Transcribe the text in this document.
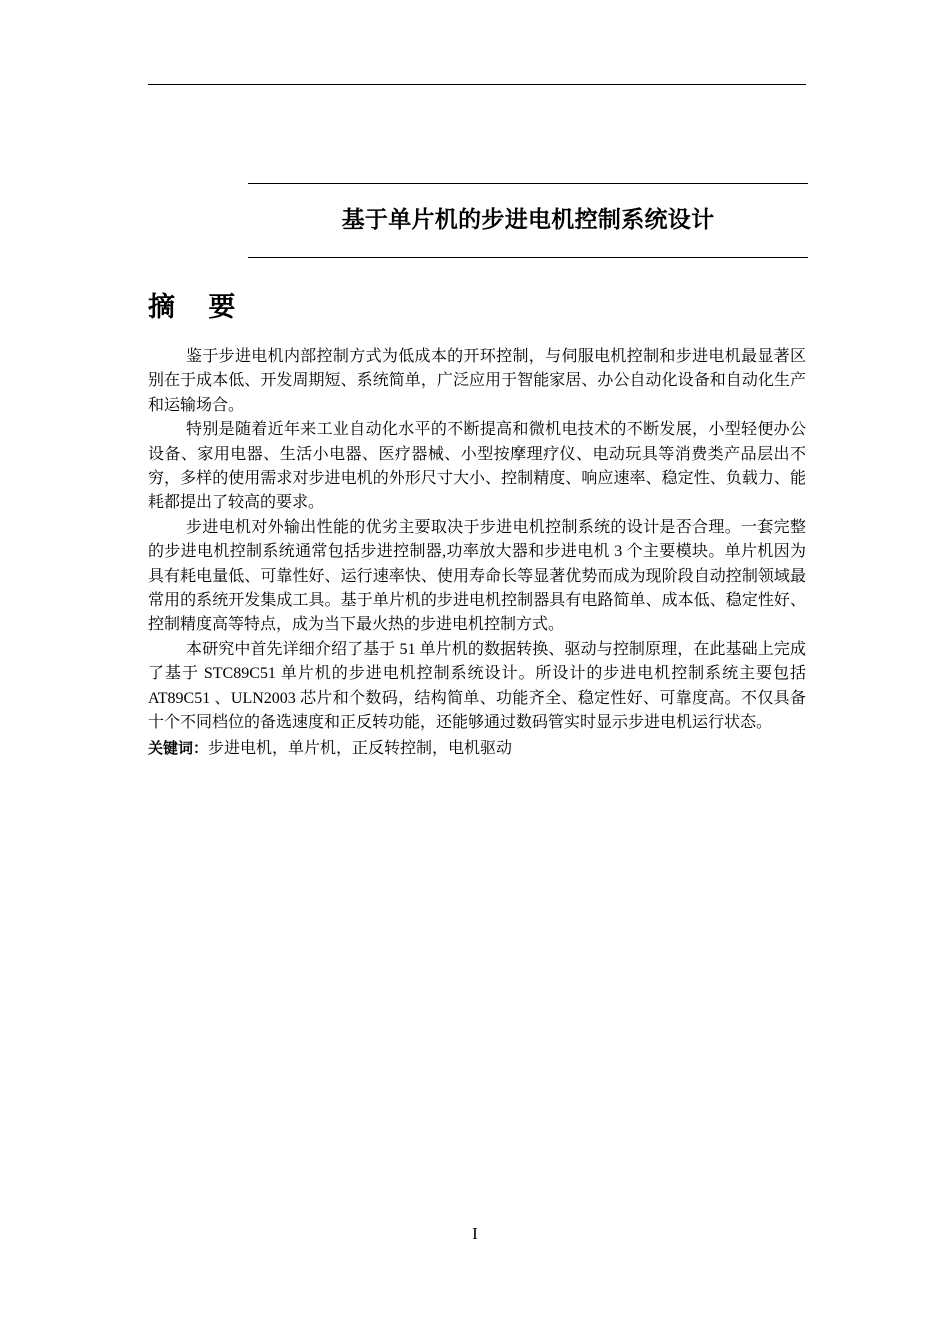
基于单片机的步进电机控制系统设计
摘 要

鉴于步进电机内部控制方式为低成本的开环控制，与伺服电机控制和步进电机最显著区别在于成本低、开发周期短、系统简单，广泛应用于智能家居、办公自动化设备和自动化生产和运输场合。

特别是随着近年来工业自动化水平的不断提高和微机电技术的不断发展，小型轻便办公设备、家用电器、生活小电器、医疗器械、小型按摩理疗仪、电动玩具等消费类产品层出不穷，多样的使用需求对步进电机的外形尺寸大小、控制精度、响应速率、稳定性、负载力、能耗都提出了较高的要求。

步进电机对外输出性能的优劣主要取决于步进电机控制系统的设计是否合理。一套完整的步进电机控制系统通常包括步进控制器,功率放大器和步进电机 3 个主要模块。单片机因为具有耗电量低、可靠性好、运行速率快、使用寿命长等显著优势而成为现阶段自动控制领域最常用的系统开发集成工具。基于单片机的步进电机控制器具有电路简单、成本低、稳定性好、控制精度高等特点，成为当下最火热的步进电机控制方式。

本研究中首先详细介绍了基于 51 单片机的数据转换、驱动与控制原理，在此基础上完成了基于 STC89C51 单片机的步进电机控制系统设计。所设计的步进电机控制系统主要包括 AT89C51 、ULN2003 芯片和个数码，结构简单、功能齐全、稳定性好、可靠度高。不仅具备十个不同档位的备选速度和正反转功能，还能够通过数码管实时显示步进电机运行状态。

关键词：步进电机，单片机，正反转控制，电机驱动
I
